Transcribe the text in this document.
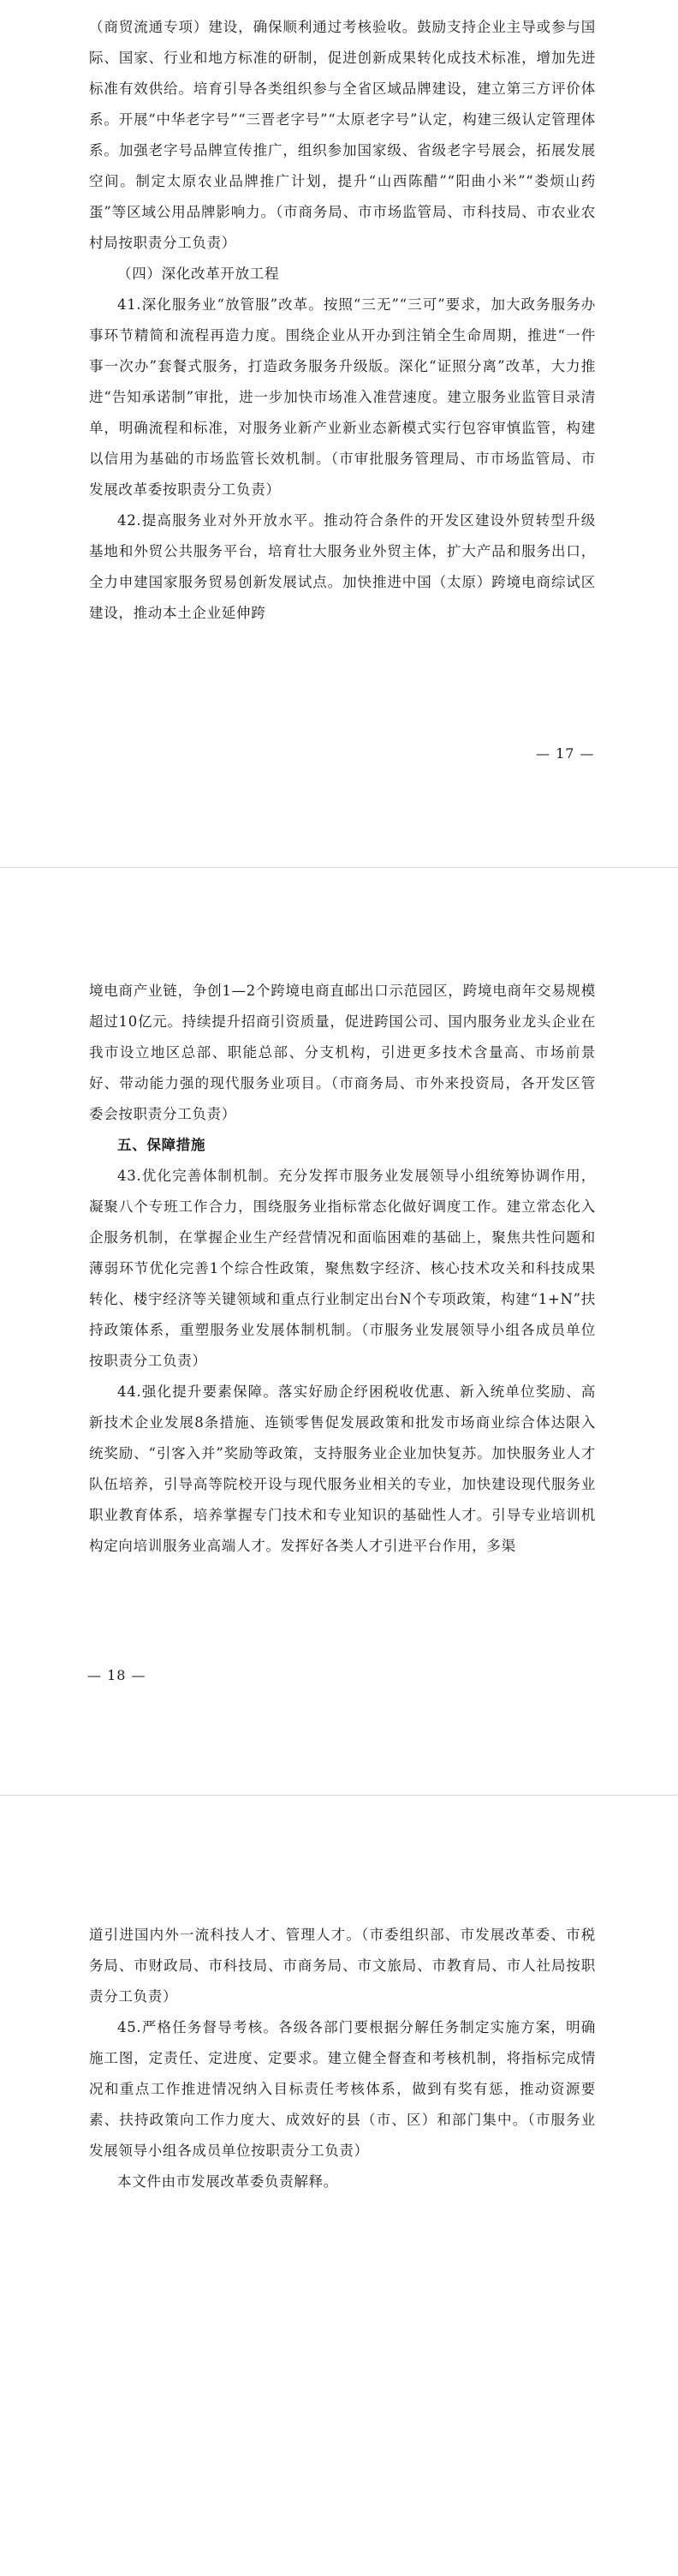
（商贸流通专项）建设，确保顺利通过考核验收。鼓励支持企业主导或参与国际、国家、行业和地方标准的研制，促进创新成果转化成技术标准，增加先进标准有效供给。培育引导各类组织参与全省区域品牌建设，建立第三方评价体系。开展“中华老字号”“三晋老字号”“太原老字号”认定，构建三级认定管理体系。加强老字号品牌宣传推广，组织参加国家级、省级老字号展会，拓展发展空间。制定太原农业品牌推广计划，提升“山西陈醋”“阳曲小米”“娄烦山药蛋”等区域公用品牌影响力。（市商务局、市市场监管局、市科技局、市农业农村局按职责分工负责）

（四）深化改革开放工程

41.深化服务业“放管服”改革。按照“三无”“三可”要求，加大政务服务办事环节精简和流程再造力度。围绕企业从开办到注销全生命周期，推进“一件事一次办”套餐式服务，打造政务服务升级版。深化“证照分离”改革，大力推进“告知承诺制”审批，进一步加快市场准入准营速度。建立服务业监管目录清单，明确流程和标准，对服务业新产业新业态新模式实行包容审慎监管，构建以信用为基础的市场监管长效机制。（市审批服务管理局、市市场监管局、市发展改革委按职责分工负责）

42.提高服务业对外开放水平。推动符合条件的开发区建设外贸转型升级基地和外贸公共服务平台，培育壮大服务业外贸主体，扩大产品和服务出口，全力申建国家服务贸易创新发展试点。加快推进中国（太原）跨境电商综试区建设，推动本土企业延伸跨

— 17 —

境电商产业链，争创1—2个跨境电商直邮出口示范园区，跨境电商年交易规模超过10亿元。持续提升招商引资质量，促进跨国公司、国内服务业龙头企业在我市设立地区总部、职能总部、分支机构，引进更多技术含量高、市场前景好、带动能力强的现代服务业项目。（市商务局、市外来投资局，各开发区管委会按职责分工负责）

五、保障措施

43.优化完善体制机制。充分发挥市服务业发展领导小组统筹协调作用，凝聚八个专班工作合力，围绕服务业指标常态化做好调度工作。建立常态化入企服务机制，在掌握企业生产经营情况和面临困难的基础上，聚焦共性问题和薄弱环节优化完善1个综合性政策，聚焦数字经济、核心技术攻关和科技成果转化、楼宇经济等关键领域和重点行业制定出台N个专项政策，构建“1+N”扶持政策体系，重塑服务业发展体制机制。（市服务业发展领导小组各成员单位按职责分工负责）

44.强化提升要素保障。落实好励企纾困税收优惠、新入统单位奖励、高新技术企业发展8条措施、连锁零售促发展政策和批发市场商业综合体达限入统奖励、“引客入并”奖励等政策，支持服务业企业加快复苏。加快服务业人才队伍培养，引导高等院校开设与现代服务业相关的专业，加快建设现代服务业职业教育体系，培养掌握专门技术和专业知识的基础性人才。引导专业培训机构定向培训服务业高端人才。发挥好各类人才引进平台作用，多渠

— 18 —

道引进国内外一流科技人才、管理人才。（市委组织部、市发展改革委、市税务局、市财政局、市科技局、市商务局、市文旅局、市教育局、市人社局按职责分工负责）

45.严格任务督导考核。各级各部门要根据分解任务制定实施方案，明确施工图，定责任、定进度、定要求。建立健全督查和考核机制，将指标完成情况和重点工作推进情况纳入目标责任考核体系，做到有奖有惩，推动资源要素、扶持政策向工作力度大、成效好的县（市、区）和部门集中。（市服务业发展领导小组各成员单位按职责分工负责）

本文件由市发展改革委负责解释。
